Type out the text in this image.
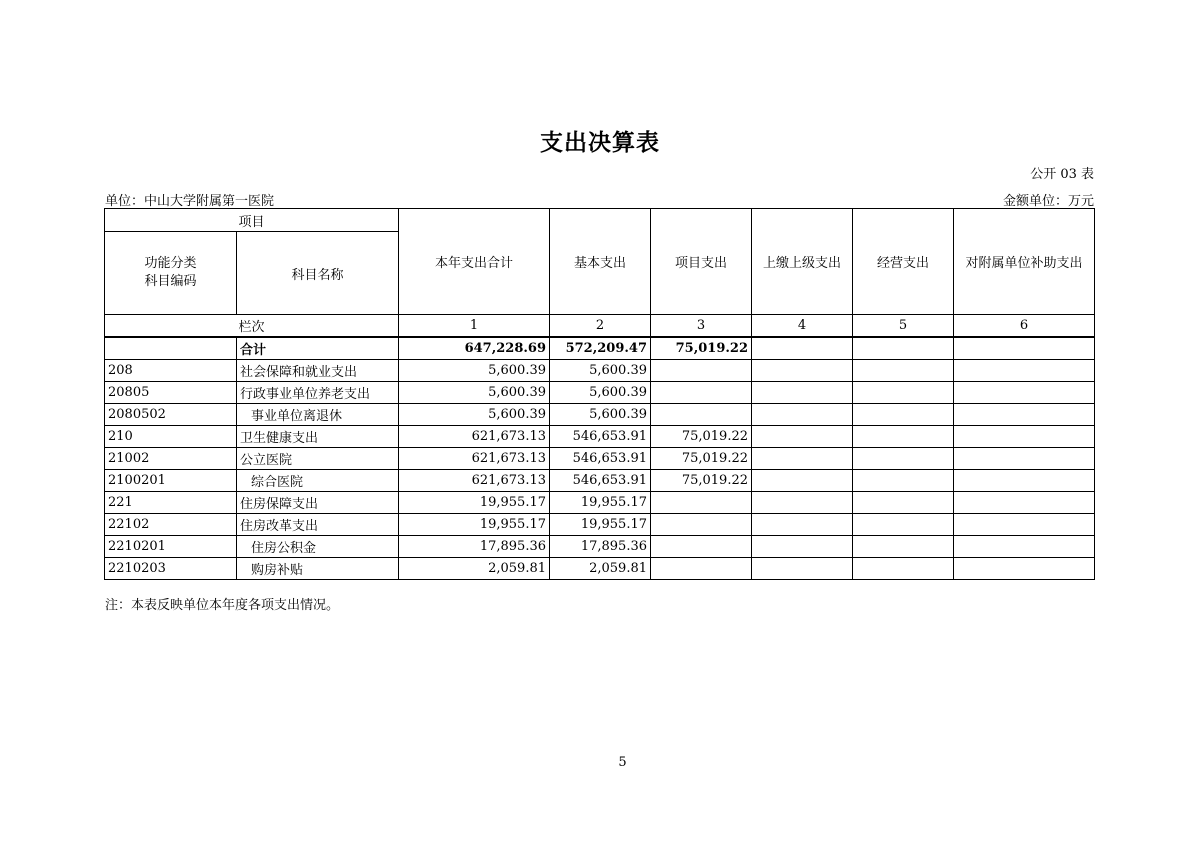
支出决算表
公开 03 表
单位：中山大学附属第一医院	金额单位：万元
项目		本年支出合计	基本支出	项目支出	上缴上级支出	经营支出	对附属单位补助支出

功能分类
科目编码	科目名称						
栏次		1	2	3	4	5	6
	合计	647,228.69	572,209.47	75,019.22			
208	社会保障和就业支出	5,600.39	5,600.39				
20805	行政事业单位养老支出	5,600.39	5,600.39				
2080502	事业单位离退休	5,600.39	5,600.39				
210	卫生健康支出	621,673.13	546,653.91	75,019.22			
21002	公立医院	621,673.13	546,653.91	75,019.22			
2100201	综合医院	621,673.13	546,653.91	75,019.22			
221	住房保障支出	19,955.17	19,955.17				
22102	住房改革支出	19,955.17	19,955.17				
2210201	住房公积金	17,895.36	17,895.36				
2210203	购房补贴	2,059.81	2,059.81				
注：本表反映单位本年度各项支出情况。
5
